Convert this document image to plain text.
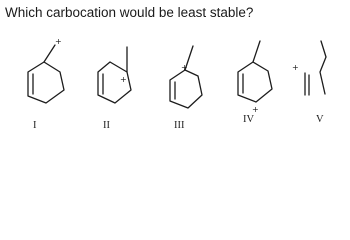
Which carbocation would be least stable?
+
I
+
II
+
III
+
IV
+
V
